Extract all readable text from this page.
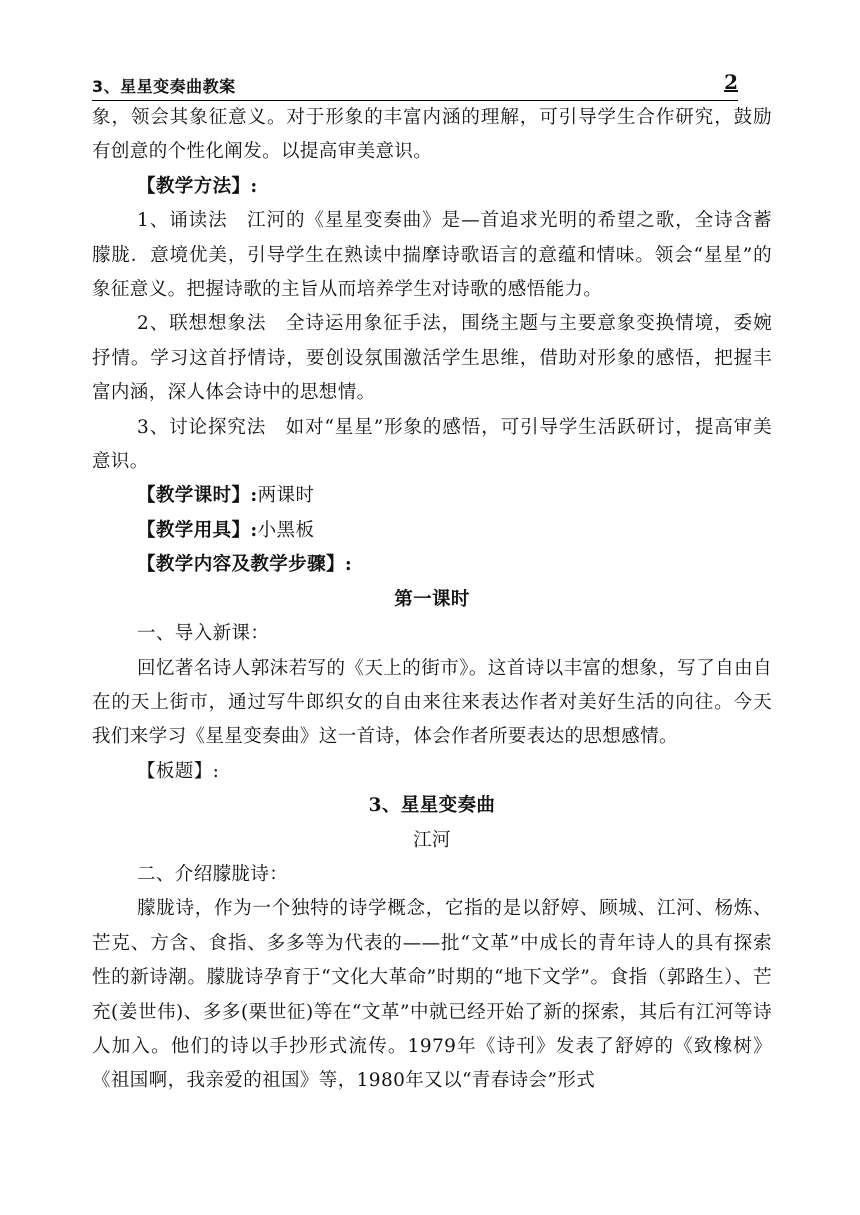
3、星星变奏曲教案	2

象，领会其象征意义。对于形象的丰富内涵的理解，可引导学生合作研究，鼓励有创意的个性化阐发。以提高审美意识。

【教学方法】:

1、诵读法　江河的《星星变奏曲》是—首追求光明的希望之歌，全诗含蓄朦胧．意境优美，引导学生在熟读中揣摩诗歌语言的意蕴和情味。领会“星星”的象征意义。把握诗歌的主旨从而培养学生对诗歌的感悟能力。

2、联想想象法　全诗运用象征手法，围绕主题与主要意象变换情境，委婉抒情。学习这首抒情诗，要创设氛围激活学生思维，借助对形象的感悟，把握丰富内涵，深人体会诗中的思想情。

3、讨论探究法　如对“星星”形象的感悟，可引导学生活跃研讨，提高审美意识。

【教学课时】:两课时

【教学用具】:小黑板

【教学内容及教学步骤】:

第一课时

一、导入新课：

回忆著名诗人郭沫若写的《天上的街市》。这首诗以丰富的想象，写了自由自在的天上街市，通过写牛郎织女的自由来往来表达作者对美好生活的向往。今天我们来学习《星星变奏曲》这一首诗，体会作者所要表达的思想感情。

【板题】:

3、星星变奏曲

江河

二、介绍朦胧诗：

朦胧诗，作为一个独特的诗学概念，它指的是以舒婷、顾城、江河、杨炼、芒克、方含、食指、多多等为代表的——批“文革”中成长的青年诗人的具有探索性的新诗潮。朦胧诗孕育于“文化大革命”时期的“地下文学”。食指（郭路生）、芒充(姜世伟)、多多(栗世征)等在“文革”中就已经开始了新的探索，其后有江河等诗人加入。他们的诗以手抄形式流传。1979年《诗刊》发表了舒婷的《致橡树》《祖国啊，我亲爱的祖国》等，1980年又以“青春诗会”形式
